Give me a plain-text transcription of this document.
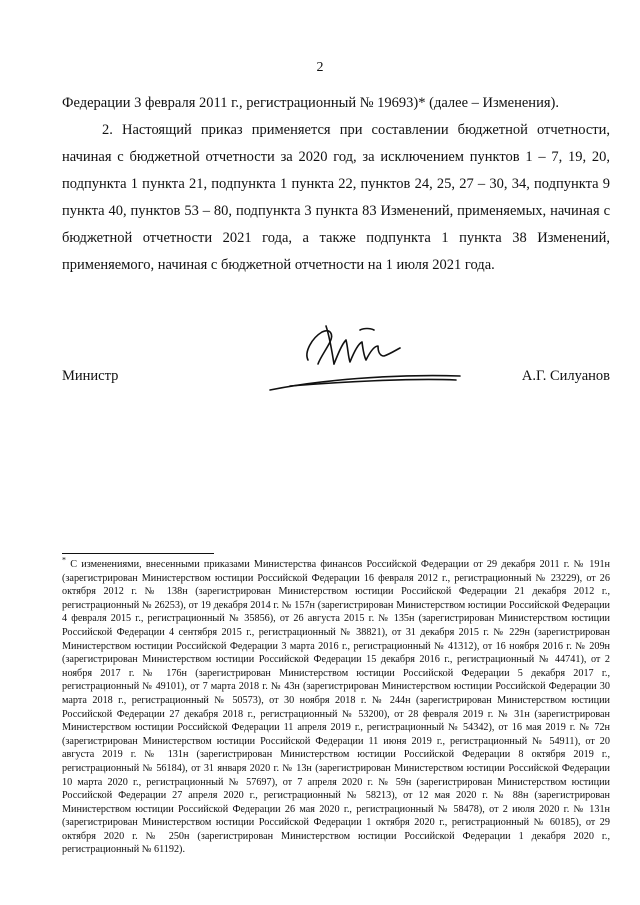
2

Федерации 3 февраля 2011 г., регистрационный № 19693)* (далее – Изменения).

2. Настоящий приказ применяется при составлении бюджетной отчетности, начиная с бюджетной отчетности за 2020 год, за исключением пунктов 1 – 7, 19, 20, подпункта 1 пункта 21, подпункта 1 пункта 22, пунктов 24, 25, 27 – 30, 34, подпункта 9 пункта 40, пунктов 53 – 80, подпункта 3 пункта 83 Изменений, применяемых, начиная с бюджетной отчетности 2021 года, а также подпункта 1 пункта 38 Изменений, применяемого, начиная с бюджетной отчетности на 1 июля 2021 года.

Министр	А.Г. Силуанов
* С изменениями, внесенными приказами Министерства финансов Российской Федерации от 29 декабря 2011 г. № 191н (зарегистрирован Министерством юстиции Российской Федерации 16 февраля 2012 г., регистрационный № 23229), от 26 октября 2012 г. № 138н (зарегистрирован Министерством юстиции Российской Федерации 21 декабря 2012 г., регистрационный № 26253), от 19 декабря 2014 г. № 157н (зарегистрирован Министерством юстиции Российской Федерации 4 февраля 2015 г., регистрационный № 35856), от 26 августа 2015 г. № 135н (зарегистрирован Министерством юстиции Российской Федерации 4 сентября 2015 г., регистрационный № 38821), от 31 декабря 2015 г. № 229н (зарегистрирован Министерством юстиции Российской Федерации 3 марта 2016 г., регистрационный № 41312), от 16 ноября 2016 г. № 209н (зарегистрирован Министерством юстиции Российской Федерации 15 декабря 2016 г., регистрационный № 44741), от 2 ноября 2017 г. № 176н (зарегистрирован Министерством юстиции Российской Федерации 5 декабря 2017 г., регистрационный № 49101), от 7 марта 2018 г. № 43н (зарегистрирован Министерством юстиции Российской Федерации 30 марта 2018 г., регистрационный № 50573), от 30 ноября 2018 г. № 244н (зарегистрирован Министерством юстиции Российской Федерации 27 декабря 2018 г., регистрационный № 53200), от 28 февраля 2019 г. № 31н (зарегистрирован Министерством юстиции Российской Федерации 11 апреля 2019 г., регистрационный № 54342), от 16 мая 2019 г. № 72н (зарегистрирован Министерством юстиции Российской Федерации 11 июня 2019 г., регистрационный № 54911), от 20 августа 2019 г. № 131н (зарегистрирован Министерством юстиции Российской Федерации 8 октября 2019 г., регистрационный № 56184), от 31 января 2020 г. № 13н (зарегистрирован Министерством юстиции Российской Федерации 10 марта 2020 г., регистрационный № 57697), от 7 апреля 2020 г. № 59н (зарегистрирован Министерством юстиции Российской Федерации 27 апреля 2020 г., регистрационный № 58213), от 12 мая 2020 г. № 88н (зарегистрирован Министерством юстиции Российской Федерации 26 мая 2020 г., регистрационный № 58478), от 2 июля 2020 г. № 131н (зарегистрирован Министерством юстиции Российской Федерации 1 октября 2020 г., регистрационный № 60185), от 29 октября 2020 г. № 250н (зарегистрирован Министерством юстиции Российской Федерации 1 декабря 2020 г., регистрационный № 61192).
